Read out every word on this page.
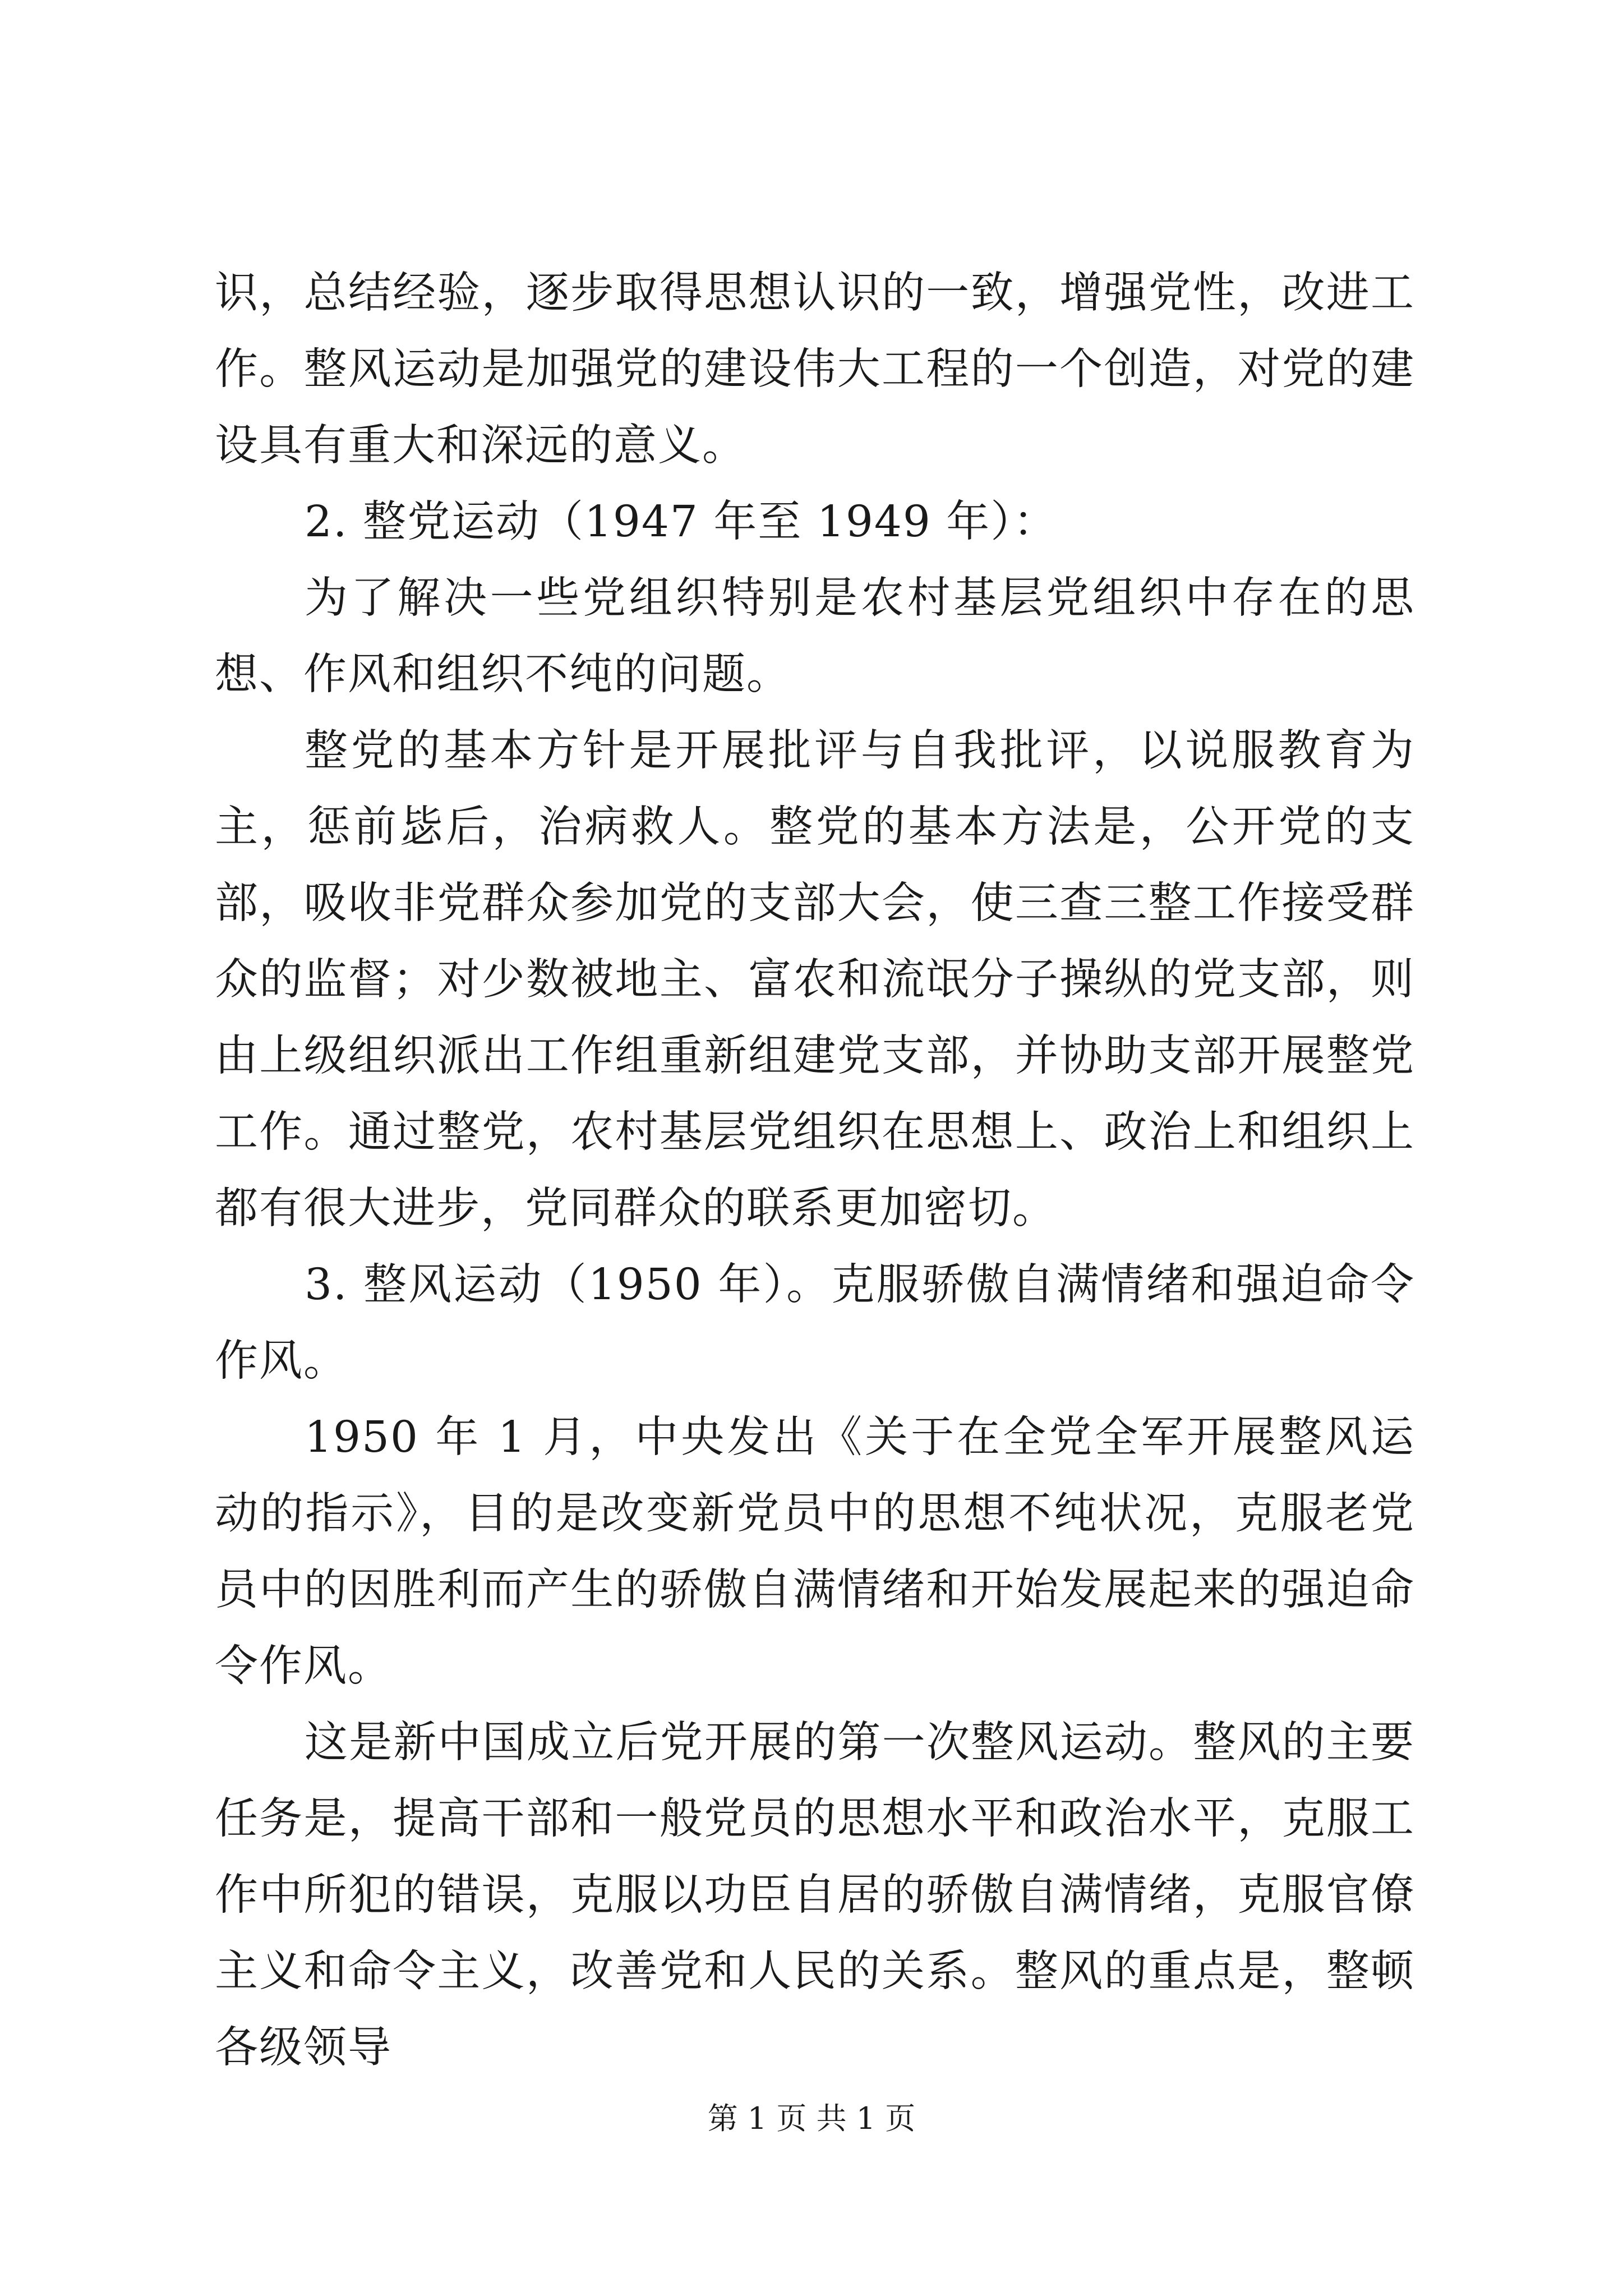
识，总结经验，逐步取得思想认识的一致，增强党性，改进工作。整风运动是加强党的建设伟大工程的一个创造，对党的建设具有重大和深远的意义。

2. 整党运动（1947 年至 1949 年）：

为了解决一些党组织特别是农村基层党组织中存在的思想、作风和组织不纯的问题。

整党的基本方针是开展批评与自我批评，以说服教育为主，惩前毖后，治病救人。整党的基本方法是，公开党的支部，吸收非党群众参加党的支部大会，使三查三整工作接受群众的监督；对少数被地主、富农和流氓分子操纵的党支部，则由上级组织派出工作组重新组建党支部，并协助支部开展整党工作。通过整党，农村基层党组织在思想上、政治上和组织上都有很大进步，党同群众的联系更加密切。

3. 整风运动（1950 年）。克服骄傲自满情绪和强迫命令作风。

1950 年 1 月，中央发出《关于在全党全军开展整风运动的指示》，目的是改变新党员中的思想不纯状况，克服老党员中的因胜利而产生的骄傲自满情绪和开始发展起来的强迫命令作风。

这是新中国成立后党开展的第一次整风运动。整风的主要任务是，提高干部和一般党员的思想水平和政治水平，克服工作中所犯的错误，克服以功臣自居的骄傲自满情绪，克服官僚主义和命令主义，改善党和人民的关系。整风的重点是，整顿各级领导

第 1 页 共 1 页
